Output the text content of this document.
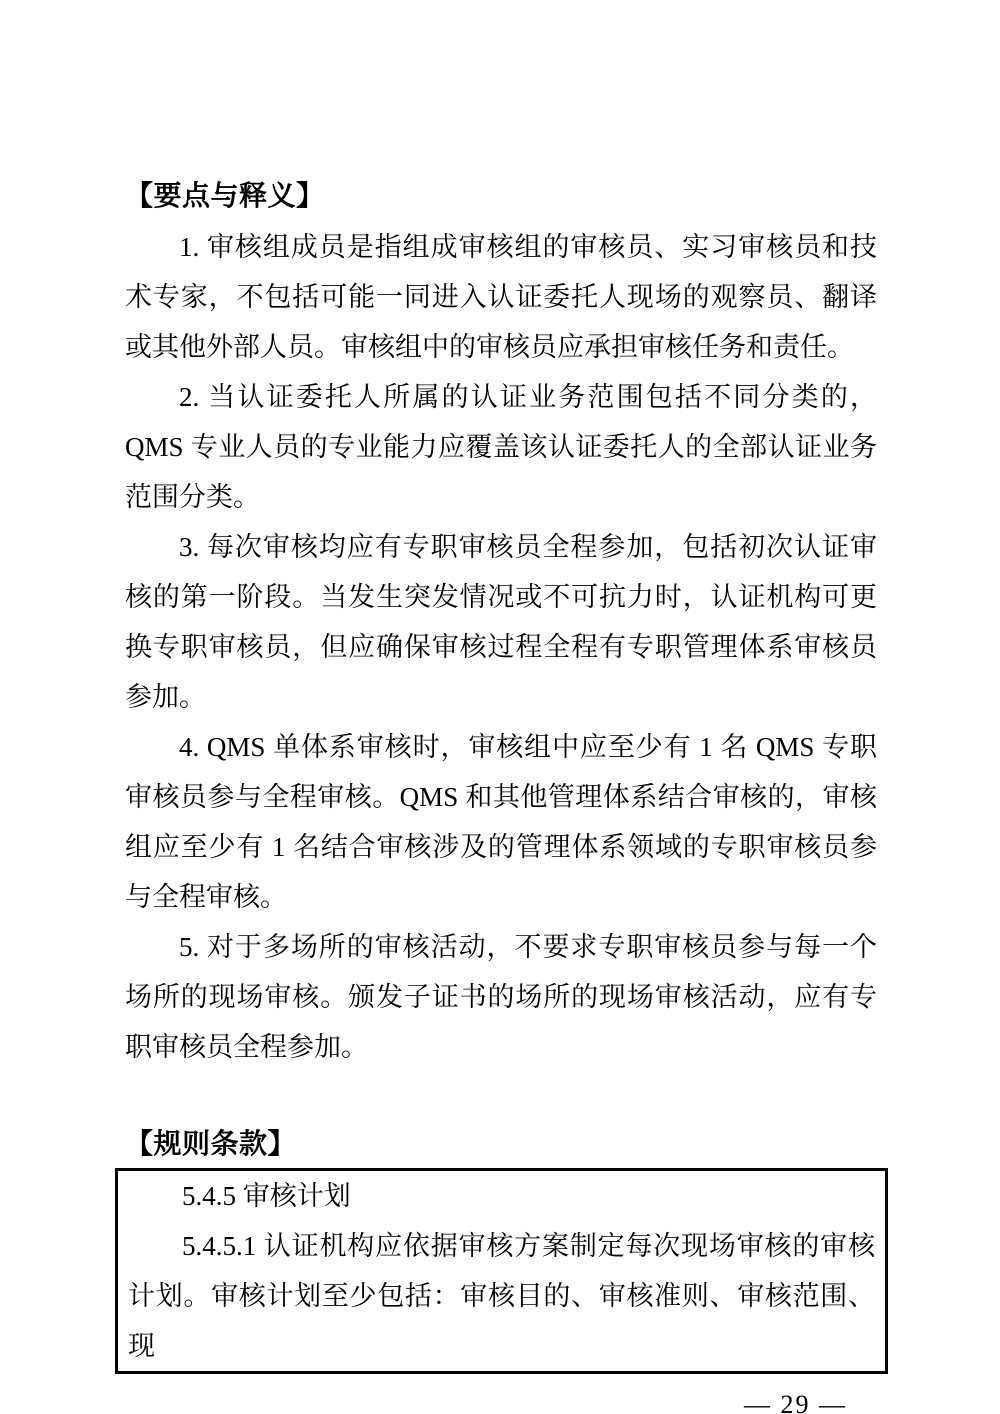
【要点与释义】

1. 审核组成员是指组成审核组的审核员、实习审核员和技术专家，不包括可能一同进入认证委托人现场的观察员、翻译或其他外部人员。审核组中的审核员应承担审核任务和责任。

2. 当认证委托人所属的认证业务范围包括不同分类的，QMS 专业人员的专业能力应覆盖该认证委托人的全部认证业务范围分类。

3. 每次审核均应有专职审核员全程参加，包括初次认证审核的第一阶段。当发生突发情况或不可抗力时，认证机构可更换专职审核员，但应确保审核过程全程有专职管理体系审核员参加。

4. QMS 单体系审核时，审核组中应至少有 1 名 QMS 专职审核员参与全程审核。QMS 和其他管理体系结合审核的，审核组应至少有 1 名结合审核涉及的管理体系领域的专职审核员参与全程审核。

5. 对于多场所的审核活动，不要求专职审核员参与每一个场所的现场审核。颁发子证书的场所的现场审核活动，应有专职审核员全程参加。

【规则条款】

5.4.5 审核计划

5.4.5.1 认证机构应依据审核方案制定每次现场审核的审核计划。审核计划至少包括：审核目的、审核准则、审核范围、现

— 29 —
